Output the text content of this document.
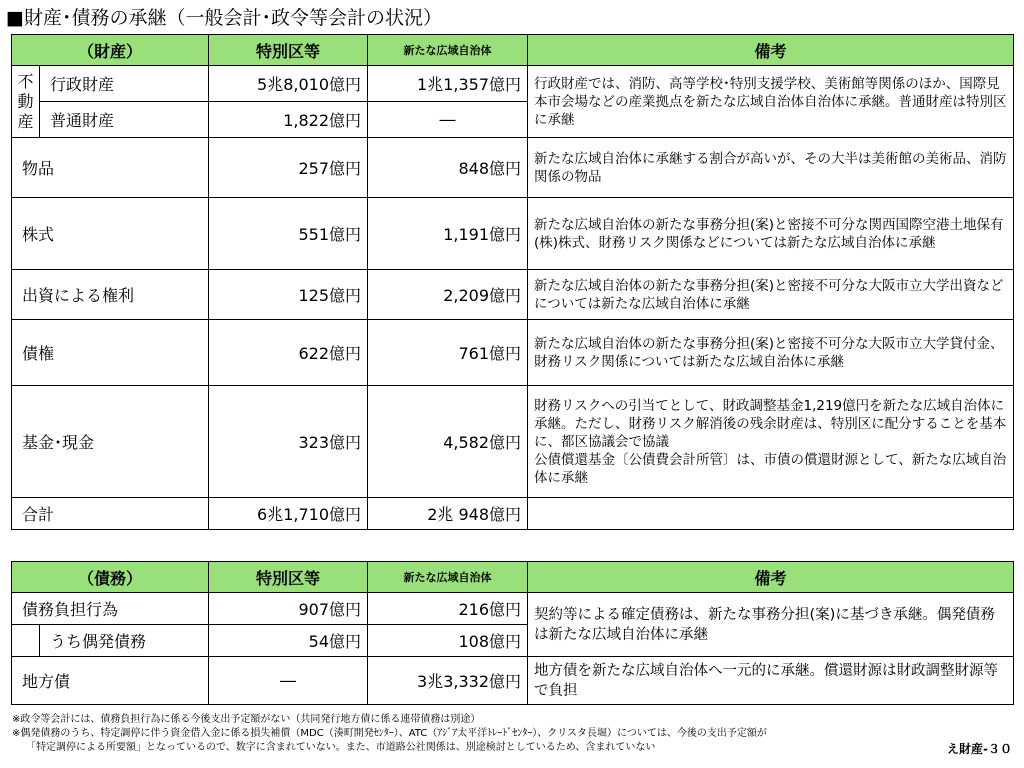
■財産･債務の承継（一般会計･政令等会計の状況）
（財産）		特別区等	新たな広域自治体	備考

不動産	行政財産	5兆8,010億円	1兆1,357億円	行政財産では、消防、高等学校･特別支援学校、美術館等関係のほか、国際見本市会場などの産業拠点を新たな広域自治体自治体に承継。普通財産は特別区に承継
	普通財産	1,822億円	―	
物品		257億円	848億円	新たな広域自治体に承継する割合が高いが、その大半は美術館の美術品、消防関係の物品
株式		551億円	1,191億円	新たな広域自治体の新たな事務分担(案)と密接不可分な関西国際空港土地保有(株)株式、財務リスク関係などについては新たな広域自治体に承継
出資による権利		125億円	2,209億円	新たな広域自治体の新たな事務分担(案)と密接不可分な大阪市立大学出資などについては新たな広域自治体に承継
債権		622億円	761億円	新たな広域自治体の新たな事務分担(案)と密接不可分な大阪市立大学貸付金、財務リスク関係については新たな広域自治体に承継
基金･現金		323億円	4,582億円	財務リスクへの引当てとして、財政調整基金1,219億円を新たな広域自治体に承継。ただし、財務リスク解消後の残余財産は、特別区に配分することを基本に、都区協議会で協議
公債償還基金〔公債費会計所管〕は、市債の償還財源として、新たな広域自治体に承継
合計		6兆1,710億円	2兆 948億円	
（債務）		特別区等	新たな広域自治体	備考
債務負担行為		907億円	216億円	契約等による確定債務は、新たな事務分担(案)に基づき承継。偶発債務は新たな広域自治体に承継
	うち偶発債務	54億円	108億円	
地方債		―	3兆3,332億円	地方債を新たな広域自治体へ一元的に承継。償還財源は財政調整財源等で負担
※政令等会計には、債務負担行為に係る今後支出予定額がない（共同発行地方債に係る連帯債務は別途）
※偶発債務のうち、特定調停に伴う資金借入金に係る損失補償（MDC（湊町開発ｾﾝﾀｰ）、ATC（ｱｼﾞｱ太平洋ﾄﾚｰﾄﾞｾﾝﾀｰ）、クリスタ長堀）については、今後の支出予定額が
「特定調停による所要額」となっているので、数字に含まれていない。また、市道路公社関係は、別途検討としているため、含まれていない	え財産-３０
